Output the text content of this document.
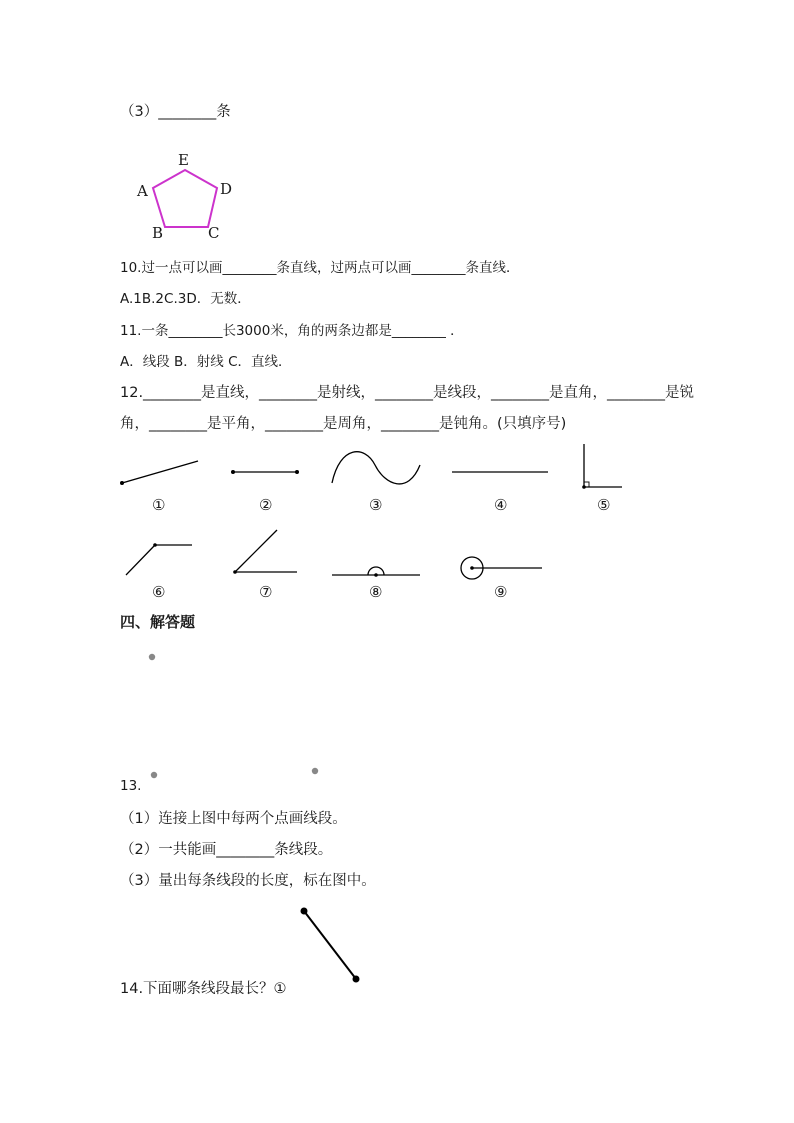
（3）________条
E
A	D
B	C
10.过一点可以画________条直线，过两点可以画________条直线．
A.1B.2C.3D．无数．
11.一条________长3000米，角的两条边都是________ ．
A．线段 B．射线 C．直线．
12.________是直线，________是射线，________是线段，________是直角，________是锐
角，________是平角，________是周角，________是钝角。(只填序号)
①	②	③	④	⑤
⑥	⑦	⑧	⑨
四、解答题
13.
（1）连接上图中每两个点画线段。
（2）一共能画________条线段。
（3）量出每条线段的长度，标在图中。
14.下面哪条线段最长？①
